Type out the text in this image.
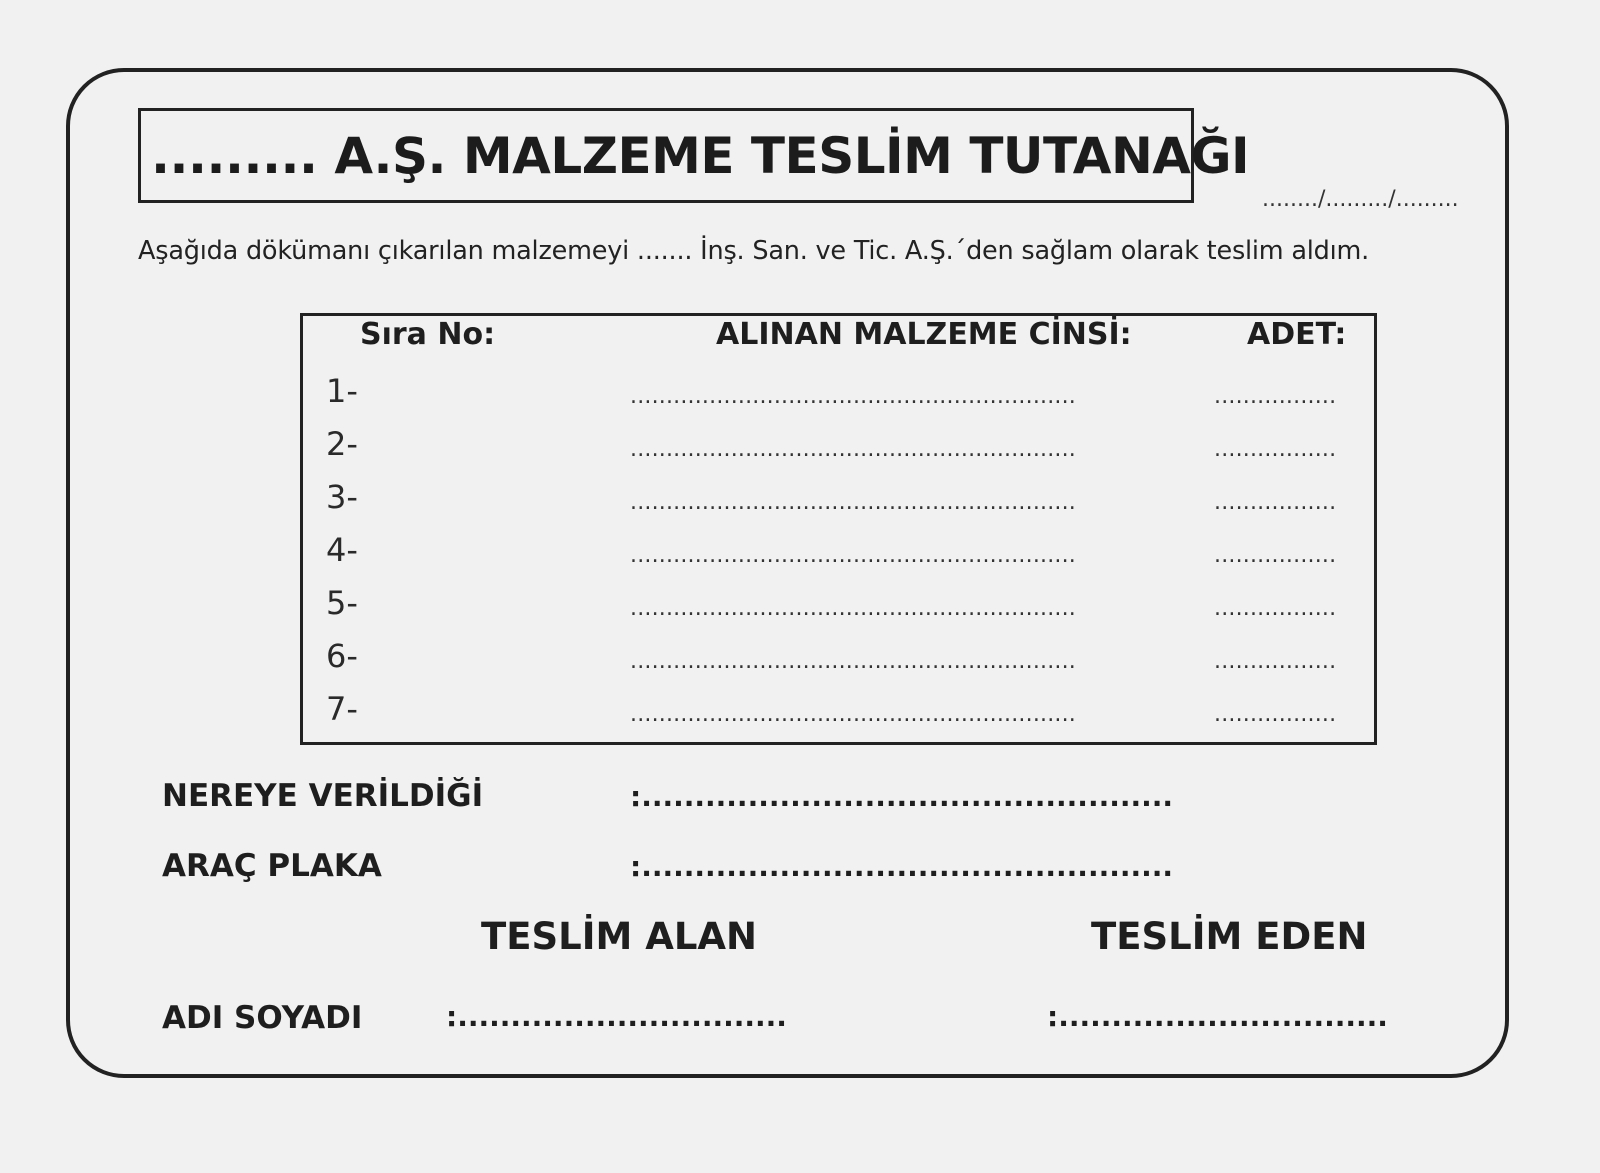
......... A.Ş. MALZEME TESLİM TUTANAĞI
......../........./.........
Aşağıda dökümanı çıkarılan malzemeyi ....... İnş. San. ve Tic. A.Ş.´den sağlam olarak teslim aldım.
Sıra No:	ALINAN MALZEME CİNSİ:	ADET:
1-	..............................................................	.................
2-	..............................................................	.................
3-	..............................................................	.................
4-	..............................................................	.................
5-	..............................................................	.................
6-	..............................................................	.................
7-	..............................................................	.................
NEREYE VERİLDİĞİ	:..................................................
ARAÇ PLAKA	:..................................................
TESLİM ALAN	TESLİM EDEN
ADI SOYADI	:...............................	:...............................
